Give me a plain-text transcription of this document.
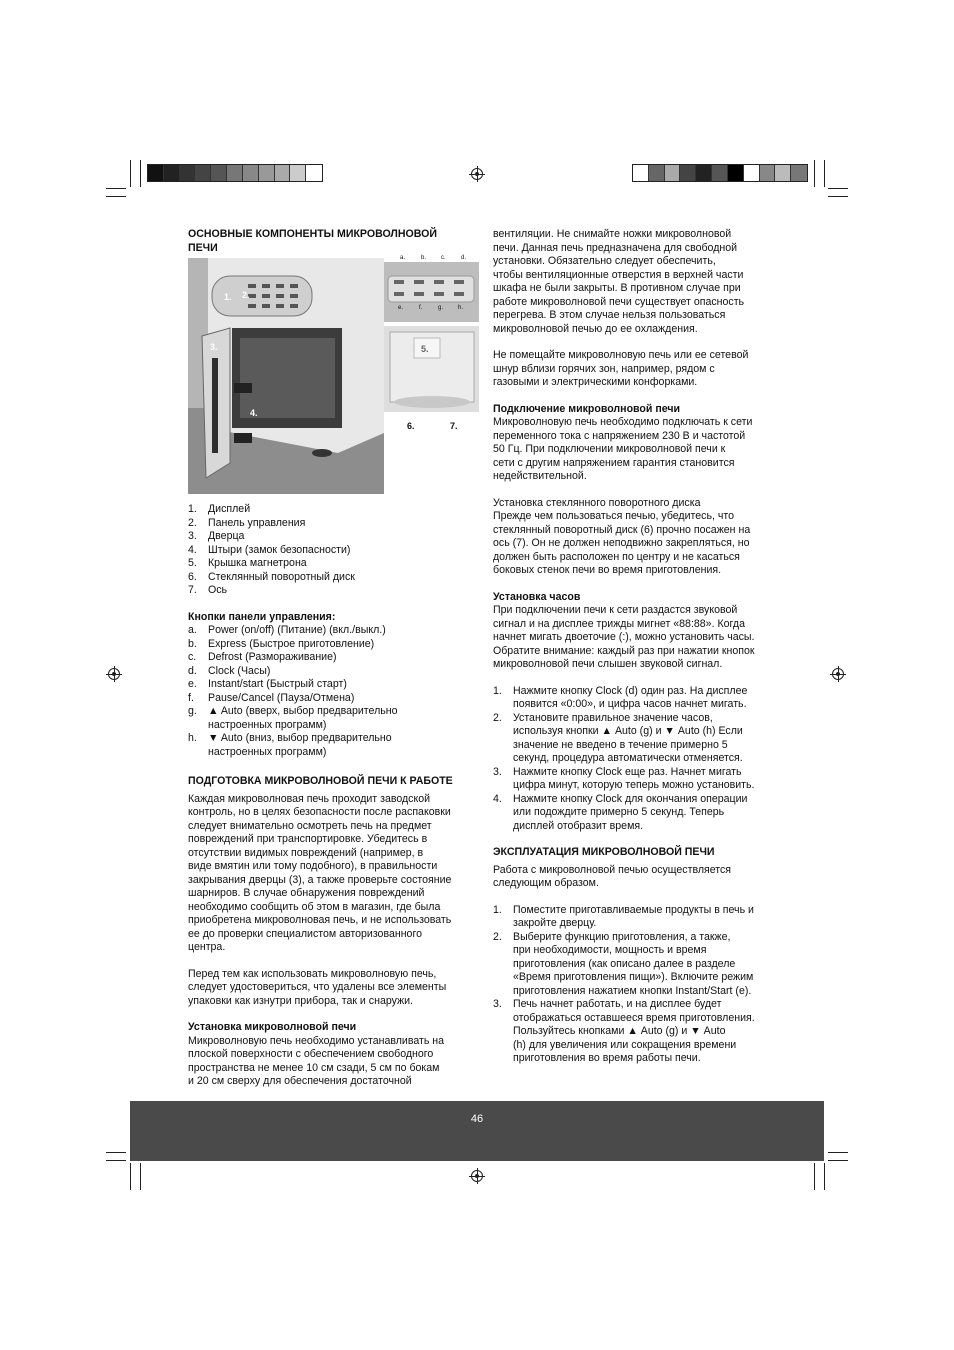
ОСНОВНЫЕ КОМПОНЕНТЫ МИКРОВОЛНОВОЙ

ПЕЧИ

1. 2.
3.
4.
a.	b. c.	d.
e.	f.	g. h.
5.
6.	7.
1.	Дисплей
2.	Панель управления
3.	Дверца
4.	Штыри (замок безопасности)
5.	Крышка магнетрона
6.	Стеклянный поворотный диск
7.	Ось

Кнопки панели управления:

a.	Power (on/off) (Питание) (вкл./выкл.)
b.	Express (Быстрое приготовление)
c.	Defrost (Размораживание)
d.	Clock (Часы)
e.	Instant/start (Быстрый старт)
f.	Pause/Cancel (Пауза/Отмена)
g.	▲ Auto (вверх, выбор предварительно
настроенных программ)
h.	▼ Auto (вниз, выбор предварительно
настроенных программ)

ПОДГОТОВКА МИКРОВОЛНОВОЙ ПЕЧИ К РАБОТЕ

Каждая микроволновая печь проходит заводской
контроль, но в целях безопасности после распаковки
следует внимательно осмотреть печь на предмет
повреждений при транспортировке. Убедитесь в
отсутствии видимых повреждений (например, в
виде вмятин или тому подобного), в правильности
закрывания дверцы (3), а также проверьте состояние
шарниров. В случае обнаружения повреждений
необходимо сообщить об этом в магазин, где была
приобретена микроволновая печь, и не использовать
ее до проверки специалистом авторизованного
центра.

Перед тем как использовать микроволновую печь,
следует удостовериться, что удалены все элементы
упаковки как изнутри прибора, так и снаружи.

Установка микроволновой печи

Микроволновую печь необходимо устанавливать на
плоской поверхности с обеспечением свободного
пространства не менее 10 см сзади, 5 см по бокам
и 20 см сверху для обеспечения достаточной

вентиляции. Не снимайте ножки микроволновой
печи. Данная печь предназначена для свободной
установки. Обязательно следует обеспечить,
чтобы вентиляционные отверстия в верхней части
шкафа не были закрыты. В противном случае при
работе микроволновой печи существует опасность
перегрева. В этом случае нельзя пользоваться
микроволновой печью до ее охлаждения.

Не помещайте микроволновую печь или ее сетевой
шнур вблизи горячих зон, например, рядом с
газовыми и электрическими конфорками.

Подключение микроволновой печи

Микроволновую печь необходимо подключать к сети
переменного тока с напряжением 230 В и частотой
50 Гц. При подключении микроволновой печи к
сети с другим напряжением гарантия становится
недействительной.

Установка стеклянного поворотного диска
Прежде чем пользоваться печью, убедитесь, что
стеклянный поворотный диск (6) прочно посажен на
ось (7). Он не должен неподвижно закрепляться, но
должен быть расположен по центру и не касаться
боковых стенок печи во время приготовления.

Установка часов

При подключении печи к сети раздастся звуковой
сигнал и на дисплее трижды мигнет «88:88». Когда
начнет мигать двоеточие (:), можно установить часы.
Обратите внимание: каждый раз при нажатии кнопок
микроволновой печи слышен звуковой сигнал.

1.	Нажмите кнопку Clock (d) один раз. На дисплее
появится «0:00», и цифра часов начнет мигать.
2.	Установите правильное значение часов,
используя кнопки ▲ Auto (g) и ▼ Auto (h) Если
значение не введено в течение примерно 5
секунд, процедура автоматически отменяется.
3.	Нажмите кнопку Clock еще раз. Начнет мигать
цифра минут, которую теперь можно установить.
4.	Нажмите кнопку Clock для окончания операции
или подождите примерно 5 секунд. Теперь
дисплей отобразит время.

ЭКСПЛУАТАЦИЯ МИКРОВОЛНОВОЙ ПЕЧИ

Работа с микроволновой печью осуществляется
следующим образом.

1.	Поместите приготавливаемые продукты в печь и
закройте дверцу.
2.	Выберите функцию приготовления, а также,
при необходимости, мощность и время
приготовления (как описано далее в разделе
«Время приготовления пищи»). Включите режим
приготовления нажатием кнопки Instant/Start (e).
3.	Печь начнет работать, и на дисплее будет
отображаться оставшееся время приготовления.
Пользуйтесь кнопками ▲ Auto (g) и ▼ Auto
(h) для увеличения или сокращения времени
приготовления во время работы печи.
46
